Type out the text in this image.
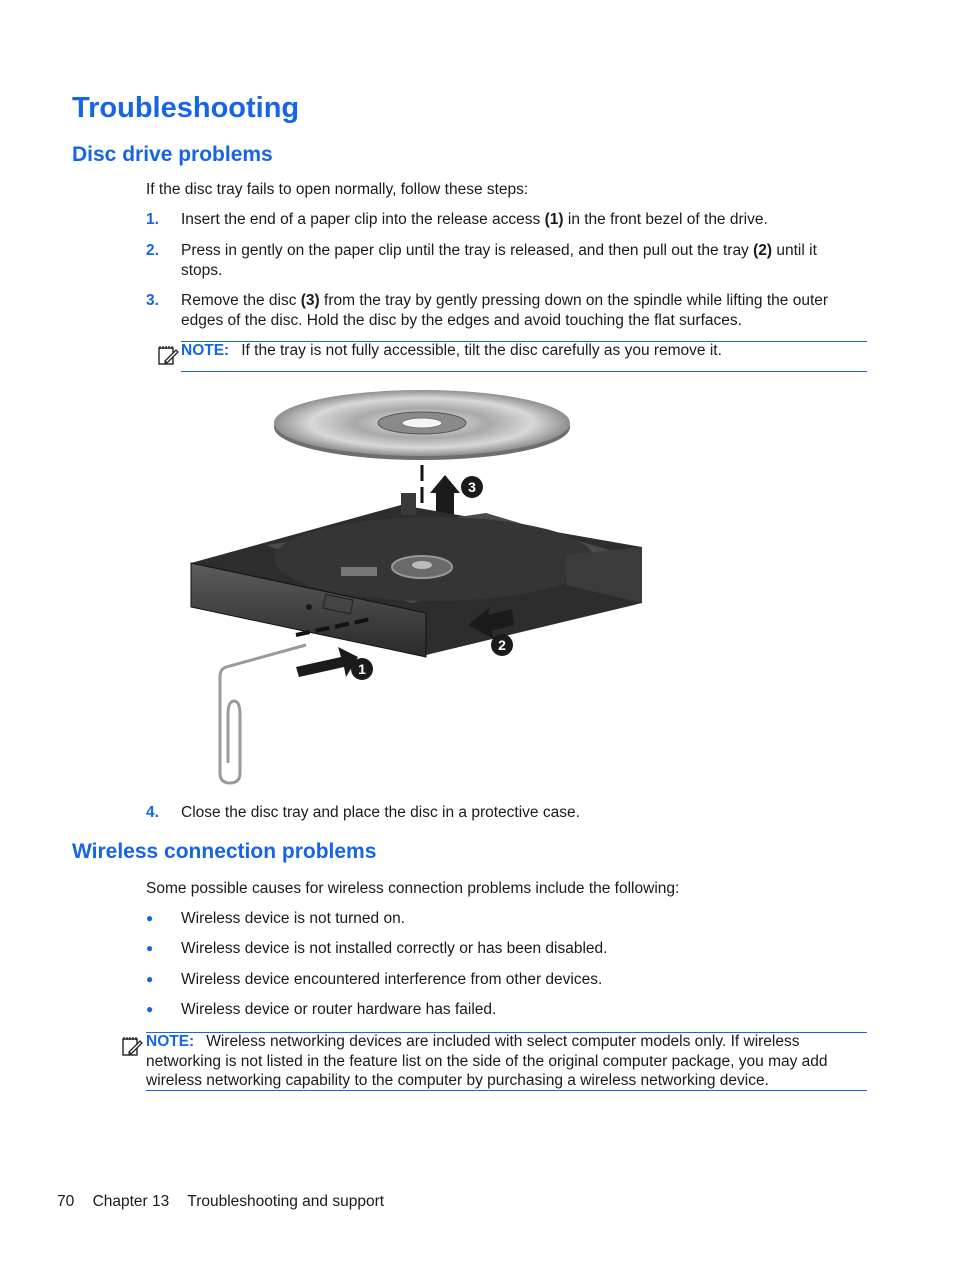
Troubleshooting
Disc drive problems
If the disc tray fails to open normally, follow these steps:
1. Insert the end of a paper clip into the release access (1) in the front bezel of the drive.
2. Press in gently on the paper clip until the tray is released, and then pull out the tray (2) until it stops.
3. Remove the disc (3) from the tray by gently pressing down on the spindle while lifting the outer edges of the disc. Hold the disc by the edges and avoid touching the flat surfaces.
NOTE: If the tray is not fully accessible, tilt the disc carefully as you remove it.
3
1
2
4. Close the disc tray and place the disc in a protective case.
Wireless connection problems
Some possible causes for wireless connection problems include the following:
● Wireless device is not turned on.
● Wireless device is not installed correctly or has been disabled.
● Wireless device encountered interference from other devices.
● Wireless device or router hardware has failed.
NOTE: Wireless networking devices are included with select computer models only. If wireless networking is not listed in the feature list on the side of the original computer package, you may add wireless networking capability to the computer by purchasing a wireless networking device.
70 Chapter 13 Troubleshooting and support
